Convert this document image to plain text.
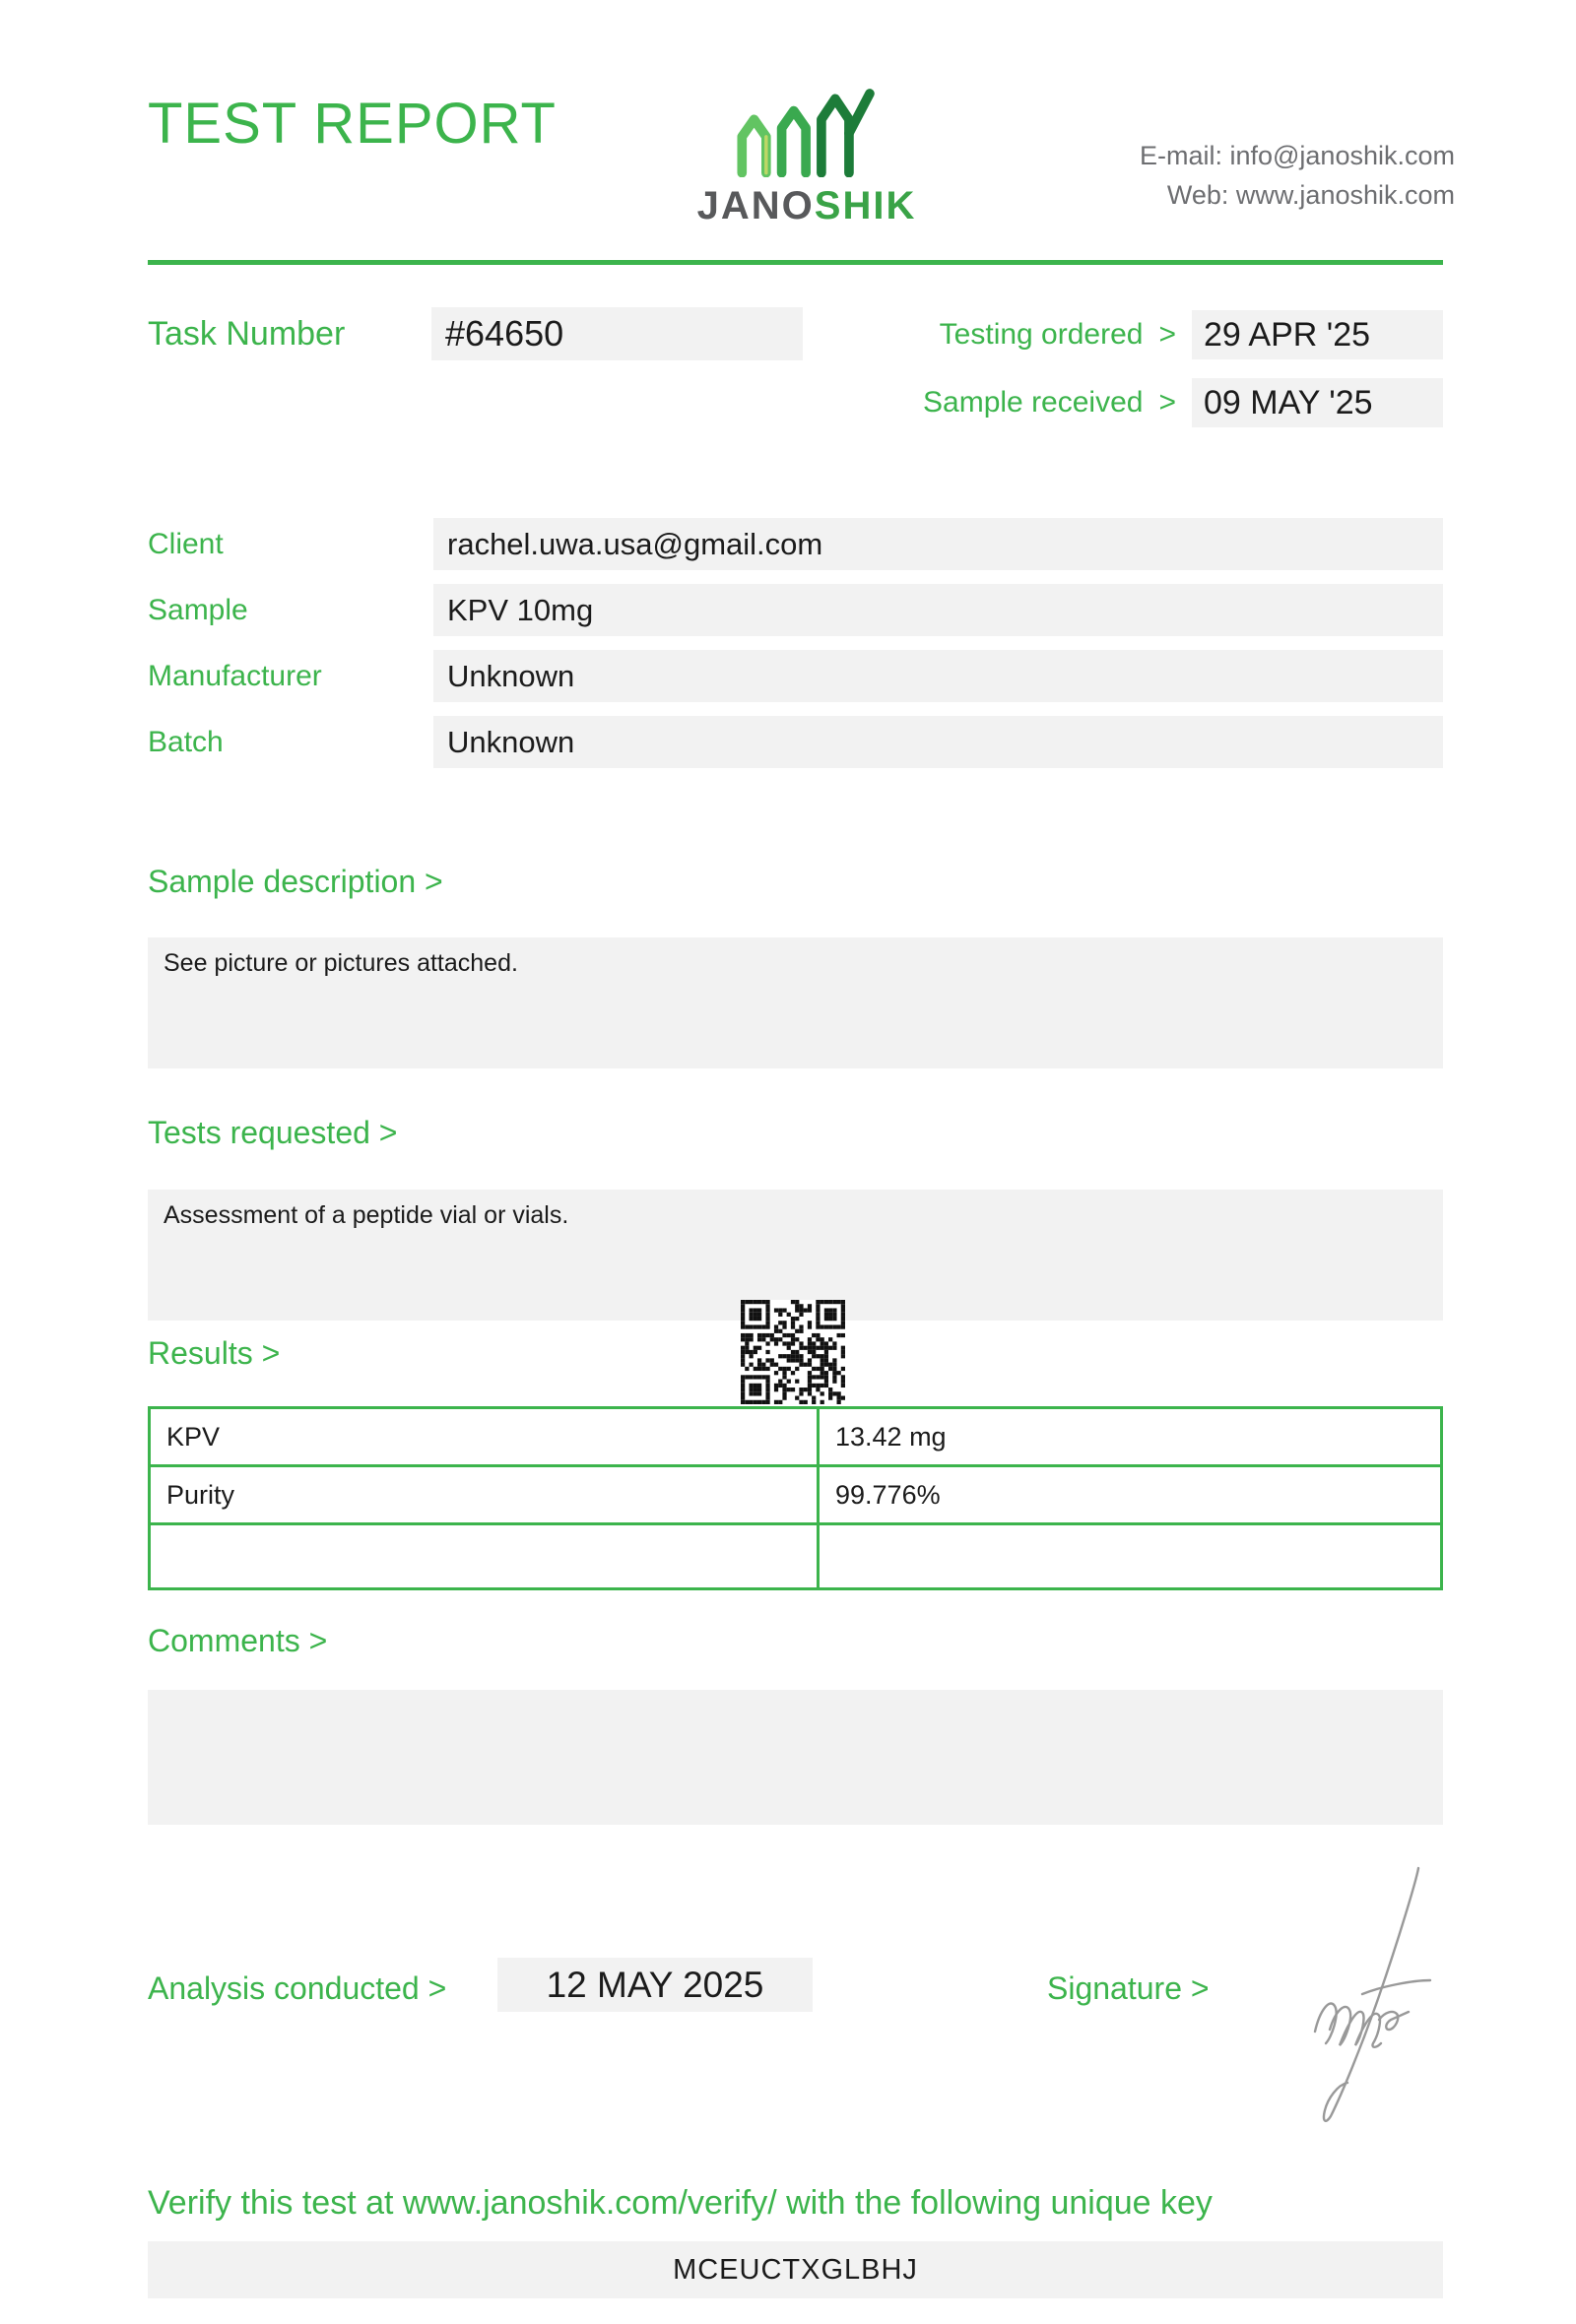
TEST REPORT
JANOSHIK
E-mail: info@janoshik.com
Web: www.janoshik.com
Task Number	#64650	Testing ordered > 29 APR '25
Sample received > 09 MAY '25
Client	rachel.uwa.usa@gmail.com
Sample	KPV 10mg
Manufacturer	Unknown
Batch	Unknown
Sample description >
See picture or pictures attached.
Tests requested >
Assessment of a peptide vial or vials.
Results >
KPV	13.42 mg
Purity	99.776%

Comments >
Analysis conducted >	12 MAY 2025	Signature >
Verify this test at www.janoshik.com/verify/ with the following unique key
MCEUCTXGLBHJ
